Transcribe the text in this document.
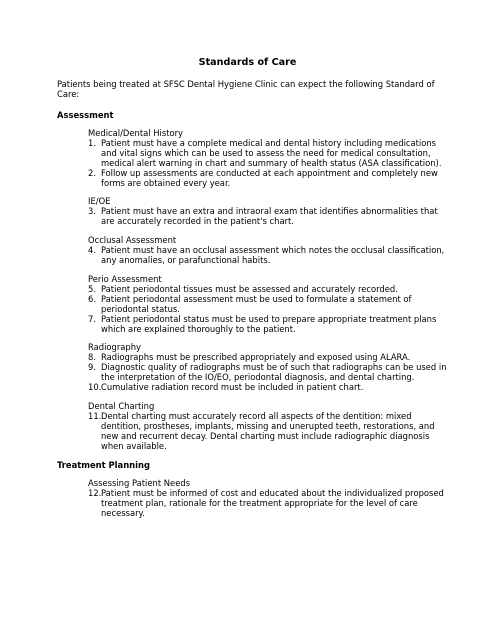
Standards of Care
Patients being treated at SFSC Dental Hygiene Clinic can expect the following Standard of
Care:
Assessment
Medical/Dental History
1. Patient must have a complete medical and dental history including medications
and vital signs which can be used to assess the need for medical consultation,
medical alert warning in chart and summary of health status (ASA classification).
2. Follow up assessments are conducted at each appointment and completely new
forms are obtained every year.
IE/OE
3. Patient must have an extra and intraoral exam that identifies abnormalities that
are accurately recorded in the patient's chart.
Occlusal Assessment
4. Patient must have an occlusal assessment which notes the occlusal classification,
any anomalies, or parafunctional habits.
Perio Assessment
5. Patient periodontal tissues must be assessed and accurately recorded.
6. Patient periodontal assessment must be used to formulate a statement of
periodontal status.
7. Patient periodontal status must be used to prepare appropriate treatment plans
which are explained thoroughly to the patient.
Radiography
8. Radiographs must be prescribed appropriately and exposed using ALARA.
9. Diagnostic quality of radiographs must be of such that radiographs can be used in
the interpretation of the IO/EO, periodontal diagnosis, and dental charting.
10. Cumulative radiation record must be included in patient chart.
Dental Charting
11. Dental charting must accurately record all aspects of the dentition: mixed
dentition, prostheses, implants, missing and unerupted teeth, restorations, and
new and recurrent decay. Dental charting must include radiographic diagnosis
when available.
Treatment Planning
Assessing Patient Needs
12. Patient must be informed of cost and educated about the individualized proposed
treatment plan, rationale for the treatment appropriate for the level of care
necessary.
